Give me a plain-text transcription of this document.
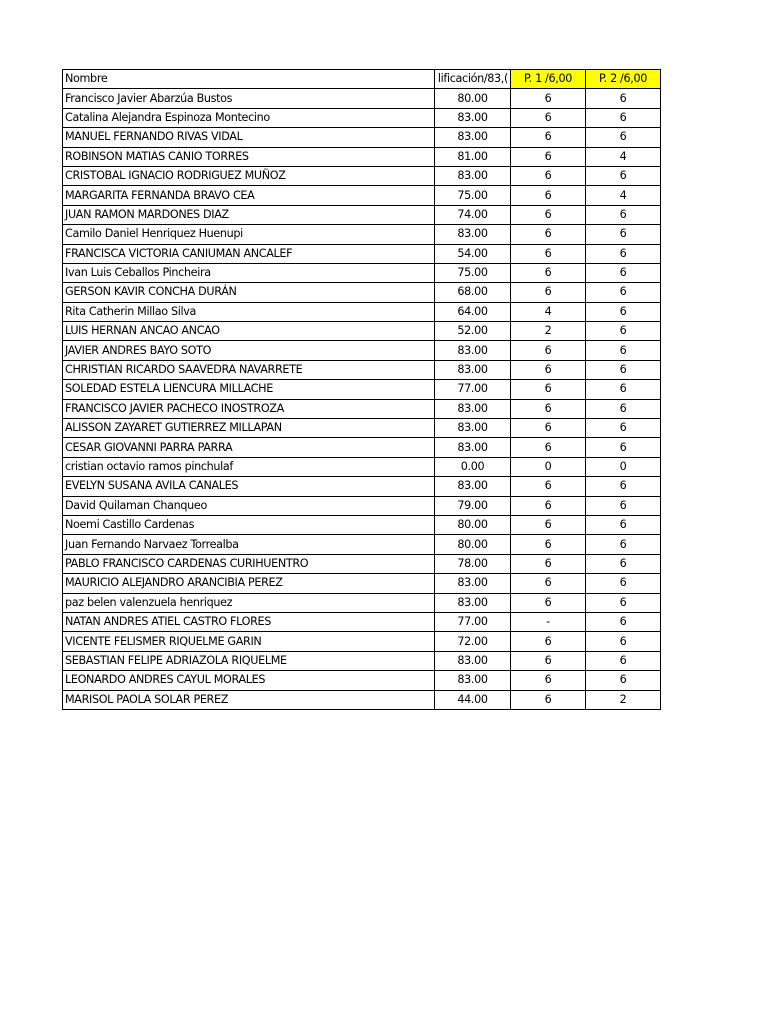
Nombre	lificación/83,(	P. 1 /6,00	P. 2 /6,00
Francisco Javier Abarzúa Bustos	80.00	6	6
Catalina Alejandra Espinoza Montecino	83.00	6	6
MANUEL FERNANDO RIVAS VIDAL	83.00	6	6
ROBINSON MATIAS CANIO TORRES	81.00	6	4
CRISTOBAL IGNACIO RODRIGUEZ MUÑOZ	83.00	6	6
MARGARITA FERNANDA BRAVO CEA	75.00	6	4
JUAN RAMON MARDONES DIAZ	74.00	6	6
Camilo Daniel Henriquez Huenupi	83.00	6	6
FRANCISCA VICTORIA CANIUMAN ANCALEF	54.00	6	6
Ivan Luis Ceballos Pincheira	75.00	6	6
GERSON KAVIR CONCHA DURÁN	68.00	6	6
Rita Catherin Millao Silva	64.00	4	6
LUIS HERNAN ANCAO ANCAO	52.00	2	6
JAVIER ANDRES BAYO SOTO	83.00	6	6
CHRISTIAN RICARDO SAAVEDRA NAVARRETE	83.00	6	6
SOLEDAD ESTELA LIENCURA MILLACHE	77.00	6	6
FRANCISCO JAVIER PACHECO INOSTROZA	83.00	6	6
ALISSON ZAYARET GUTIERREZ MILLAPAN	83.00	6	6
CESAR GIOVANNI PARRA PARRA	83.00	6	6
cristian octavio ramos pinchulaf	0.00	0	0
EVELYN SUSANA AVILA CANALES	83.00	6	6
David Quilaman Chanqueo	79.00	6	6
Noemi Castillo Cardenas	80.00	6	6
Juan Fernando Narvaez Torrealba	80.00	6	6
PABLO FRANCISCO CARDENAS CURIHUENTRO	78.00	6	6
MAURICIO ALEJANDRO ARANCIBIA PEREZ	83.00	6	6
paz belen valenzuela henriquez	83.00	6	6
NATAN ANDRES ATIEL CASTRO FLORES	77.00	-	6
VICENTE FELISMER RIQUELME GARIN	72.00	6	6
SEBASTIAN FELIPE ADRIAZOLA RIQUELME	83.00	6	6
LEONARDO ANDRES CAYUL MORALES	83.00	6	6
MARISOL PAOLA SOLAR PEREZ	44.00	6	2
